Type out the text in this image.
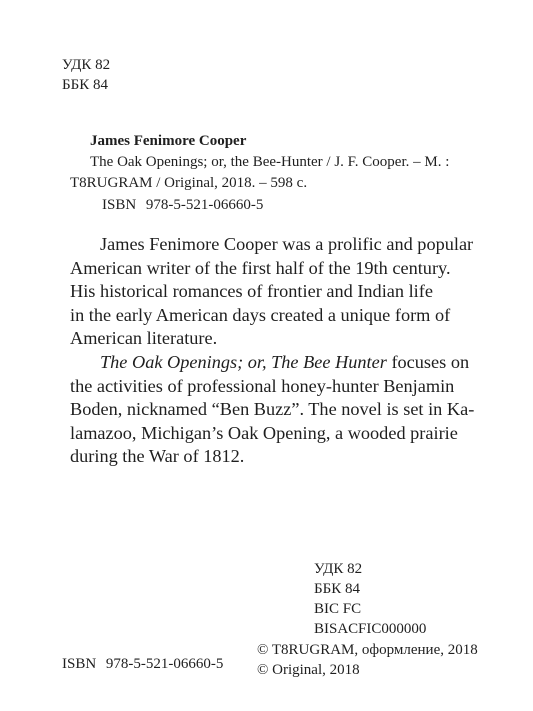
УДК 82
ББК 84
James Fenimore Cooper
The Oak Openings; or, the Bee-Hunter / J. F. Cooper. – M. :
T8RUGRAM / Original, 2018. – 598 c.
ISBN 978-5-521-06660-5
James Fenimore Cooper was a prolific and popular
American writer of the first half of the 19th century.
His historical romances of frontier and Indian life
in the early American days created a unique form of
American literature.
The Oak Openings; or, The Bee Hunter focuses on
the activities of professional honey-hunter Benjamin
Boden, nicknamed “Ben Buzz”. The novel is set in Ka-
lamazoo, Michigan’s Oak Opening, a wooded prairie
during the War of 1812.
УДК 82
ББК 84
BIC FC
BISACFIC000000
© T8RUGRAM, оформление, 2018
© Original, 2018
ISBN 978-5-521-06660-5
